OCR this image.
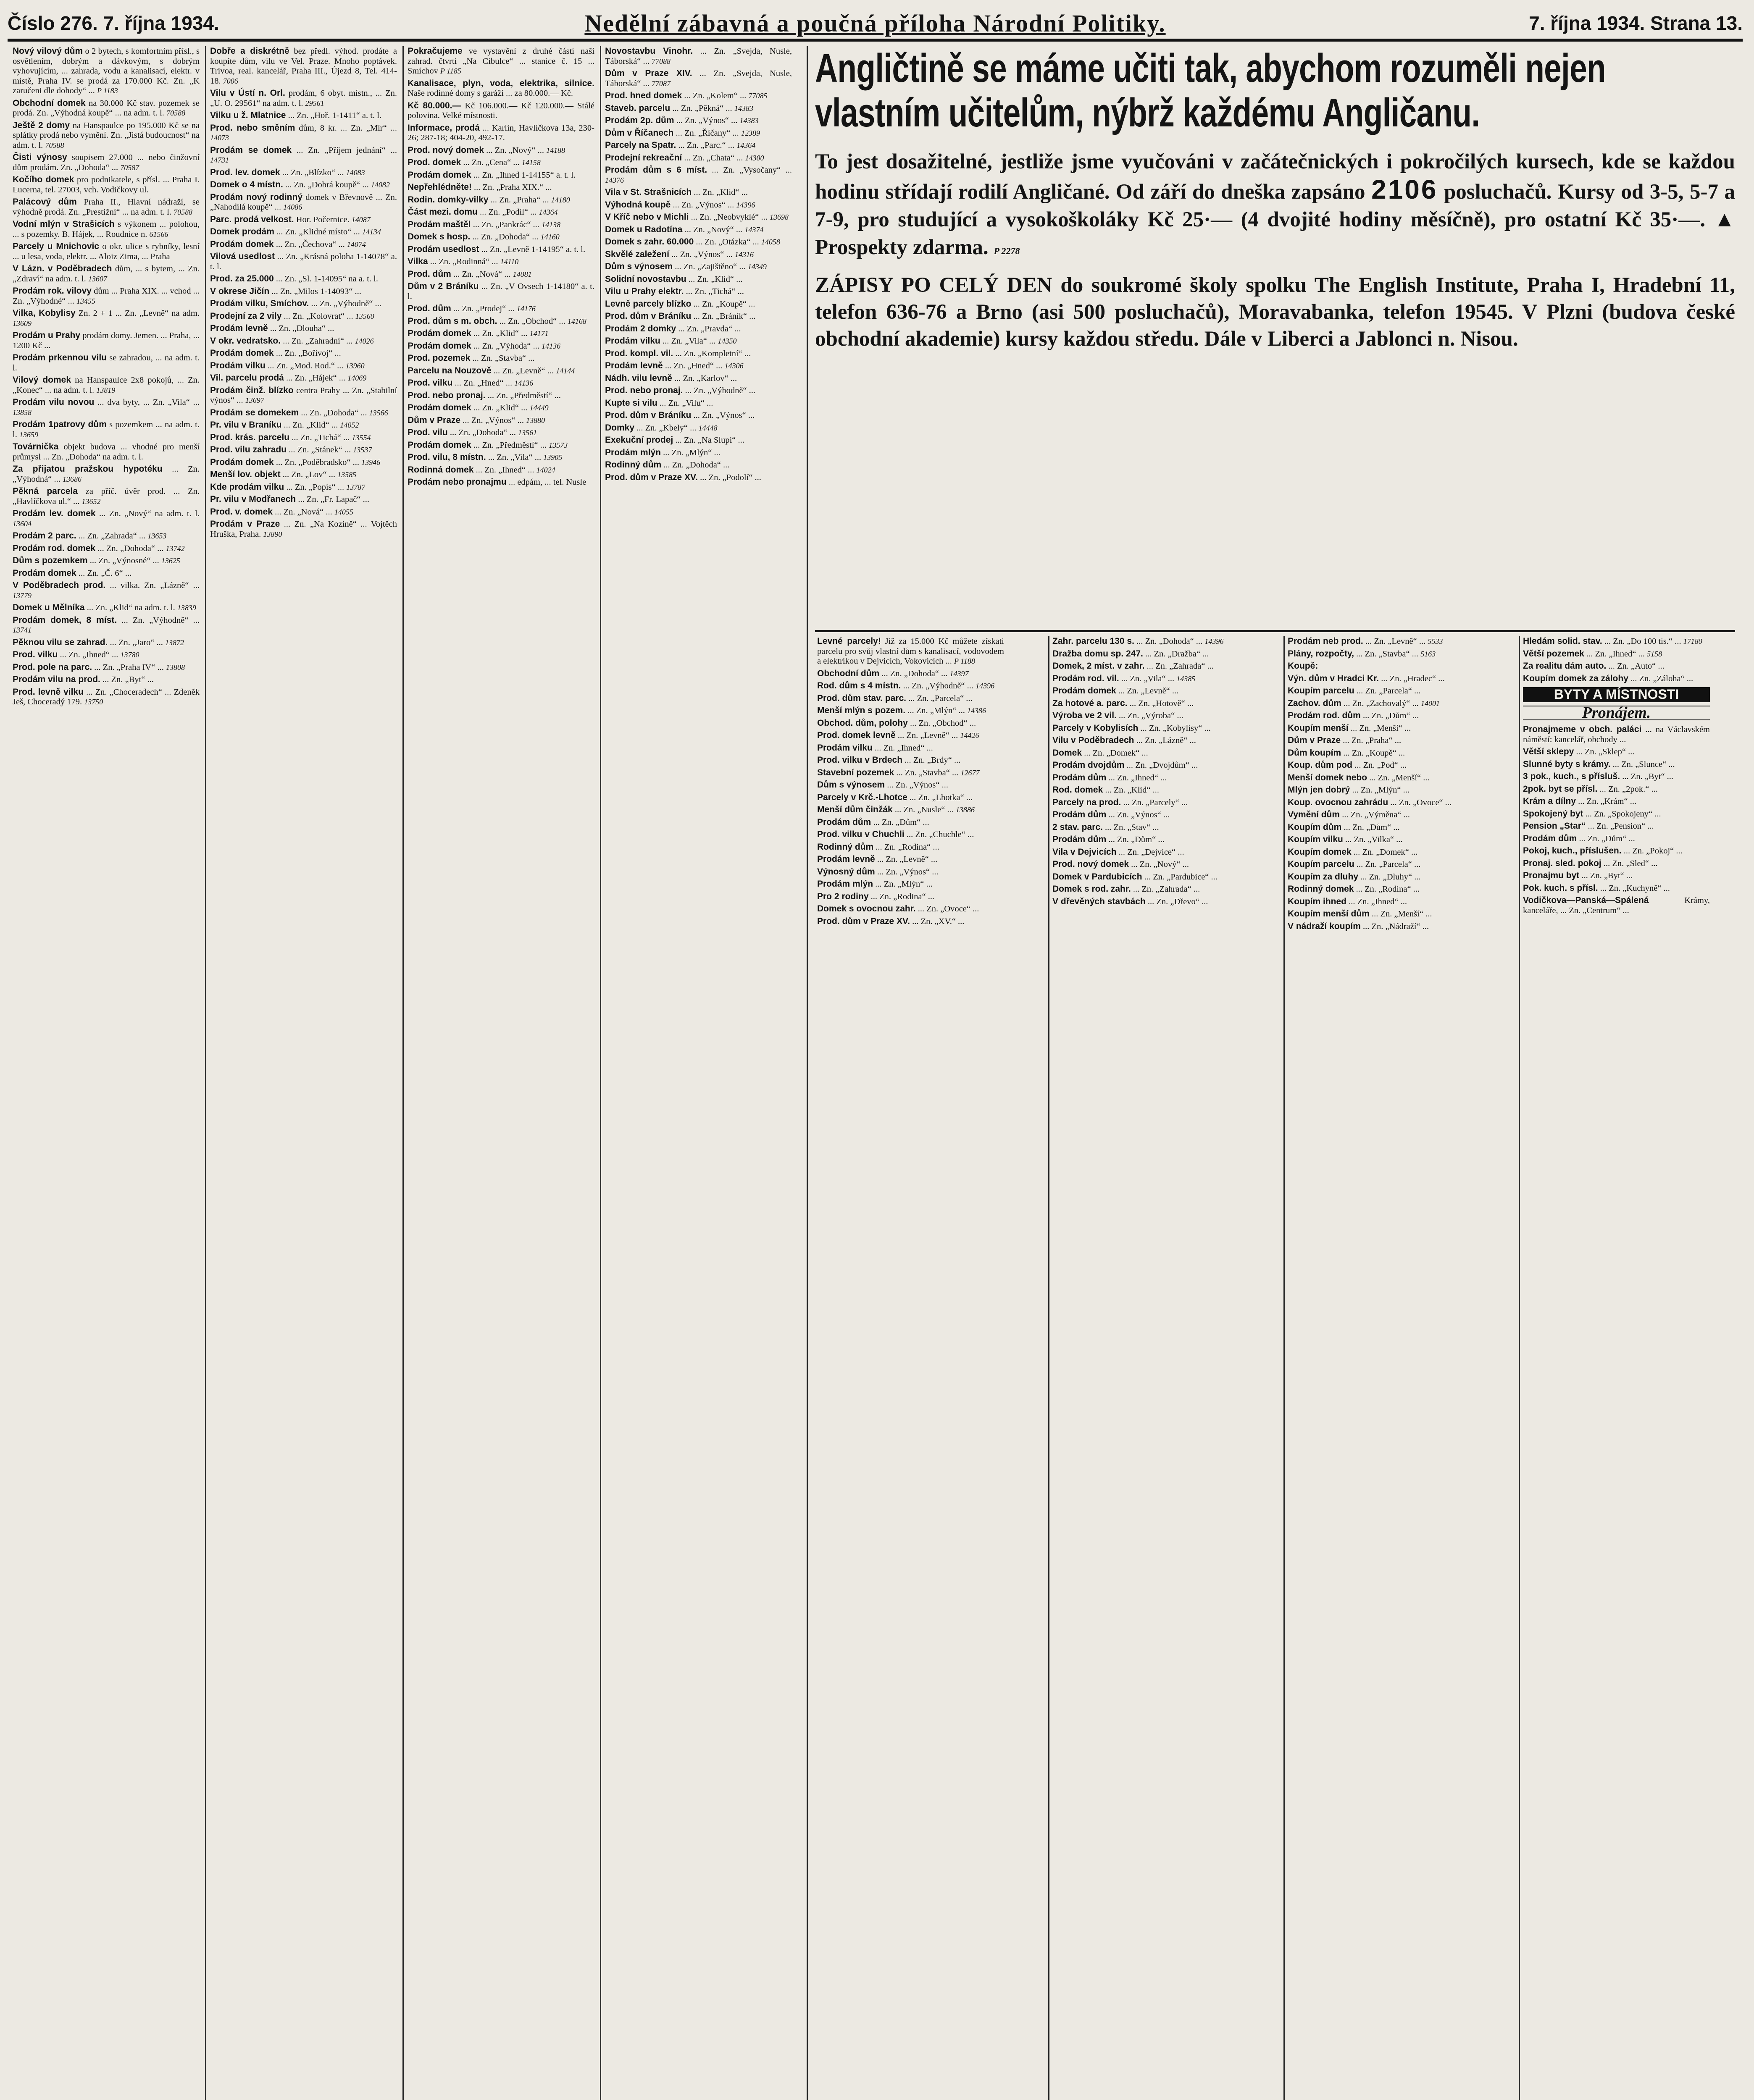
Číslo 276. 7. října 1934.	Nedělní zábavná a poučná příloha Národní Politiky.	7. října 1934. Strana 13.
Nový vilový dům o 2 bytech, s komfortním přísl., s osvětlením, dobrým a dávkovým, s dobrým vyhovujícím, ... zahrada, vodu a kanalisací, elektr. v místě, Praha IV. se prodá za 170.000 Kč. Zn. „K zaručeni dle dohody“ ... P 1183
Obchodní domek na 30.000 Kč stav. pozemek se prodá. Zn. „Výhodná koupě“ ... na adm. t. l. 70588
Ještě 2 domy na Hanspaulce po 195.000 Kč se na splátky prodá nebo vymění. Zn. „Jistá budoucnost“ na adm. t. l. 70588
Čisti výnosy soupisem 27.000 ... nebo činžovní dům prodám. Zn. „Dohoda“ ... 70587
Kočího domek pro podnikatele, s přísl. ... Praha I. Lucerna, tel. 27003, vch. Vodičkovy ul.
Palácový dům Praha II., Hlavní nádraží, se výhodně prodá. Zn. „Prestižní“ ... na adm. t. l. 70588
Vodní mlýn v Strašicích s výkonem ... polohou, ... s pozemky. B. Hájek, ... Roudnice n. 61566
Parcely u Mnichovic o okr. ulice s rybníky, lesní ... u lesa, voda, elektr. ... Aloiz Zima, ... Praha
V Lázn. v Poděbradech dům, ... s bytem, ... Zn. „Zdraví“ na adm. t. l. 13607
Prodám rok. vilovy dům ... Praha XIX. ... vchod ... Zn. „Výhodné“ ... 13455
Vilka, Kobylisy Zn. 2 + 1 ... Zn. „Levně“ na adm. 13609
Prodám u Prahy prodám domy. Jemen. ... Praha, ... 1200 Kč ...
Prodám prkennou vilu se zahradou, ... na adm. t. l.
Vilový domek na Hanspaulce 2x8 pokojů, ... Zn. „Konec“ ... na adm. t. l. 13819
Prodám vilu novou ... dva byty, ... Zn. „Vila“ ... 13858
Prodám 1patrovy dům s pozemkem ... na adm. t. l. 13659
Továrnička objekt budova ... vhodné pro menší průmysl ... Zn. „Dohoda“ na adm. t. l.
Za přijatou pražskou hypotéku ... Zn. „Výhodná“ ... 13686
Pěkná parcela za příč. úvěr prod. ... Zn. „Havlíčkova ul.“ ... 13652
Prodám lev. domek ... Zn. „Nový“ na adm. t. l. 13604
Prodám 2 parc. ... Zn. „Zahrada“ ... 13653
Prodám rod. domek ... Zn. „Dohoda“ ... 13742
Dům s pozemkem ... Zn. „Výnosné“ ... 13625
Prodám domek ... Zn. „Č. 6“ ...
V Poděbradech prod. ... vilka. Zn. „Lázně“ ... 13779
Domek u Mělníka ... Zn. „Klid“ na adm. t. l. 13839
Prodám domek, 8 míst. ... Zn. „Výhodně“ ... 13741
Pěknou vilu se zahrad. ... Zn. „Jaro“ ... 13872
Prod. vilku ... Zn. „Ihned“ ... 13780
Prod. pole na parc. ... Zn. „Praha IV“ ... 13808
Prodám vilu na prod. ... Zn. „Byt“ ...
Prod. levně vilku ... Zn. „Choceradech“ ... Zdeněk Ješ, Choceradý 179. 13750
Dobře a diskrétně bez předl. výhod. prodáte a koupíte dům, vilu ve Vel. Praze. Mnoho poptávek. Trivoa, real. kancelář, Praha III., Újezd 8, Tel. 414-18. 7006
Vilu v Ústí n. Orl. prodám, 6 obyt. místn., ... Zn. „U. O. 29561“ na adm. t. l. 29561
Vilku u ž. Mlatnice ... Zn. „Hoř. 1-1411“ a. t. l.
Prod. nebo směním dům, 8 kr. ... Zn. „Mír“ ... 14073
Prodám se domek ... Zn. „Příjem jednání“ ... 14731
Prod. lev. domek ... Zn. „Blízko“ ... 14083
Domek o 4 místn. ... Zn. „Dobrá koupě“ ... 14082
Prodám nový rodinný domek v Břevnově ... Zn. „Nahodilá koupě“ ... 14086
Parc. prodá velkost. Hor. Počernice. 14087
Domek prodám ... Zn. „Klidné místo“ ... 14134
Prodám domek ... Zn. „Čechova“ ... 14074
Vilová usedlost ... Zn. „Krásná poloha 1-14078“ a. t. l.
Prod. za 25.000 ... Zn. „Sl. 1-14095“ na a. t. l.
V okrese Jičín ... Zn. „Milos 1-14093“ ...
Prodám vilku, Smíchov. ... Zn. „Výhodně“ ...
Prodejní za 2 vily ... Zn. „Kolovrat“ ... 13560
Prodám levně ... Zn. „Dlouha“ ...
V okr. vedratsko. ... Zn. „Zahradní“ ... 14026
Prodám domek ... Zn. „Bořivoj“ ...
Prodám vilku ... Zn. „Mod. Rod.“ ... 13960
Vil. parcelu prodá ... Zn. „Hájek“ ... 14069
Prodám činž. blízko centra Prahy ... Zn. „Stabilní výnos“ ... 13697
Prodám se domekem ... Zn. „Dohoda“ ... 13566
Pr. vilu v Braníku ... Zn. „Klid“ ... 14052
Prod. krás. parcelu ... Zn. „Tichá“ ... 13554
Prod. vilu zahradu ... Zn. „Stánek“ ... 13537
Prodám domek ... Zn. „Poděbradsko“ ... 13946
Menší lov. objekt ... Zn. „Lov“ ... 13585
Kde prodám vilku ... Zn. „Popis“ ... 13787
Pr. vilu v Modřanech ... Zn. „Fr. Lapač“ ...
Prod. v. domek ... Zn. „Nová“ ... 14055
Prodám v Praze ... Zn. „Na Kozině“ ... Vojtěch Hruška, Praha. 13890
Pokračujeme ve vystavění z druhé části naší zahrad. čtvrti „Na Cibulce“ ... stanice č. 15 ... Smíchov P 1185
Kanalisace, plyn, voda, elektrika, silnice. Naše rodinné domy s garáží ... za 80.000.— Kč.
Kč 80.000.— Kč 106.000.— Kč 120.000.— Stálé polovina. Velké místnosti.
Informace, prodá ... Karlín, Havlíčkova 13a, 230-26; 287-18; 404-20, 492-17.
Prod. nový domek ... Zn. „Nový“ ... 14188
Prod. domek ... Zn. „Cena“ ... 14158
Prodám domek ... Zn. „Ihned 1-14155“ a. t. l.
Nepřehlédněte! ... Zn. „Praha XIX.“ ...
Rodin. domky-vilky ... Zn. „Praha“ ... 14180
Část mezi. domu ... Zn. „Podíl“ ... 14364
Prodám maštěl ... Zn. „Pankrác“ ... 14138
Domek s hosp. ... Zn. „Dohoda“ ... 14160
Prodám usedlost ... Zn. „Levně 1-14195“ a. t. l.
Vilka ... Zn. „Rodinná“ ... 14110
Prod. dům ... Zn. „Nová“ ... 14081
Dům v 2 Bráníku ... Zn. „V Ovsech 1-14180“ a. t. l.
Prod. dům ... Zn. „Prodej“ ... 14176
Prod. dům s m. obch. ... Zn. „Obchod“ ... 14168
Prodám domek ... Zn. „Klid“ ... 14171
Prodám domek ... Zn. „Výhoda“ ... 14136
Prod. pozemek ... Zn. „Stavba“ ...
Parcelu na Nouzově ... Zn. „Levně“ ... 14144
Prod. vilku ... Zn. „Hned“ ... 14136
Prod. nebo pronaj. ... Zn. „Předměstí“ ...
Prodám domek ... Zn. „Klid“ ... 14449
Dům v Praze ... Zn. „Výnos“ ... 13880
Prod. vilu ... Zn. „Dohoda“ ... 13561
Prodám domek ... Zn. „Předměstí“ ... 13573
Prod. vilu, 8 místn. ... Zn. „Vila“ ... 13905
Rodinná domek ... Zn. „Ihned“ ... 14024
Prodám nebo pronajmu ... edpám, ... tel. Nusle
Novostavbu Vinohr. ... Zn. „Svejda, Nusle, Táborská“ ... 77088
Dům v Praze XIV. ... Zn. „Svejda, Nusle, Táborská“ ... 77087
Prod. hned domek ... Zn. „Kolem“ ... 77085
Staveb. parcelu ... Zn. „Pěkná“ ... 14383
Prodám 2p. dům ... Zn. „Výnos“ ... 14383
Dům v Říčanech ... Zn. „Říčany“ ... 12389
Parcely na Spatr. ... Zn. „Parc.“ ... 14364
Prodejní rekreační ... Zn. „Chata“ ... 14300
Prodám dům s 6 míst. ... Zn. „Vysočany“ ... 14376
Vila v St. Strašnicích ... Zn. „Klid“ ...
Výhodná koupě ... Zn. „Výnos“ ... 14396
V Kříč nebo v Michli ... Zn. „Neobvyklé“ ... 13698
Domek u Radotína ... Zn. „Nový“ ... 14374
Domek s zahr. 60.000 ... Zn. „Otázka“ ... 14058
Skvělé zaležení ... Zn. „Výnos“ ... 14316
Dům s výnosem ... Zn. „Zajištěno“ ... 14349
Solidní novostavbu ... Zn. „Klid“ ...
Vilu u Prahy elektr. ... Zn. „Tichá“ ...
Levně parcely blízko ... Zn. „Koupě“ ...
Prod. dům v Bráníku ... Zn. „Bráník“ ...
Prodám 2 domky ... Zn. „Pravda“ ...
Prodám vilku ... Zn. „Vila“ ... 14350
Prod. kompl. vil. ... Zn. „Kompletní“ ...
Prodám levně ... Zn. „Hned“ ... 14306
Nádh. vilu levně ... Zn. „Karlov“ ...
Prod. nebo pronaj. ... Zn. „Výhodně“ ...
Kupte si vilu ... Zn. „Vilu“ ...
Prod. dům v Bráníku ... Zn. „Výnos“ ...
Domky ... Zn. „Kbely“ ... 14448
Exekuční prodej ... Zn. „Na Slupi“ ...
Prodám mlýn ... Zn. „Mlýn“ ...
Rodinný dům ... Zn. „Dohoda“ ...
Prod. dům v Praze XV. ... Zn. „Podolí“ ...
Angličtině se máme učiti tak, abychom rozuměli nejen vlastním učitelům, nýbrž každému Angličanu.
To jest dosažitelné, jestliže jsme vyučováni v začátečnických i pokročilých kursech, kde se každou hodinu střídají rodilí Angličané. Od září do dneška zapsáno 2106 posluchačů. Kursy od 3-5, 5-7 a 7-9, pro studující a vysokoškoláky Kč 25·— (4 dvojité hodiny měsíčně), pro ostatní Kč 35·—. ▲ Prospekty zdarma. P 2278
ZÁPISY PO CELÝ DEN do soukromé školy spolku The English Institute, Praha I, Hradební 11, telefon 636-76 a Brno (asi 500 posluchačů), Moravabanka, telefon 19545. V Plzni (budova české obchodní akademie) kursy každou středu. Dále v Liberci a Jablonci n. Nisou.
Levné parcely! Již za 15.000 Kč můžete získati parcelu pro svůj vlastní dům s kanalisací, vodovodem a elektrikou v Dejvicích, Vokovicích ... P 1188
Obchodní dům ... Zn. „Dohoda“ ... 14397
Rod. dům s 4 místn. ... Zn. „Výhodně“ ... 14396
Prod. dům stav. parc. ... Zn. „Parcela“ ...
Menší mlýn s pozem. ... Zn. „Mlýn“ ... 14386
Obchod. dům, polohy ... Zn. „Obchod“ ...
Prod. domek levně ... Zn. „Levně“ ... 14426
Prodám vilku ... Zn. „Ihned“ ...
Prod. vilku v Brdech ... Zn. „Brdy“ ...
Stavební pozemek ... Zn. „Stavba“ ... 12677
Dům s výnosem ... Zn. „Výnos“ ...
Parcely v Krč.-Lhotce ... Zn. „Lhotka“ ...
Menší dům činžák ... Zn. „Nusle“ ... 13886
Prodám dům ... Zn. „Dům“ ...
Prod. vilku v Chuchli ... Zn. „Chuchle“ ...
Rodinný dům ... Zn. „Rodina“ ...
Prodám levně ... Zn. „Levně“ ...
Výnosný dům ... Zn. „Výnos“ ...
Prodám mlýn ... Zn. „Mlýn“ ...
Pro 2 rodiny ... Zn. „Rodina“ ...
Domek s ovocnou zahr. ... Zn. „Ovoce“ ...
Prod. dům v Praze XV. ... Zn. „XV.“ ...
Zahr. parcelu 130 s. ... Zn. „Dohoda“ ... 14396
Dražba domu sp. 247. ... Zn. „Dražba“ ...
Domek, 2 míst. v zahr. ... Zn. „Zahrada“ ...
Prodám rod. vil. ... Zn. „Vila“ ... 14385
Prodám domek ... Zn. „Levně“ ...
Za hotové a. parc. ... Zn. „Hotově“ ...
Výroba ve 2 vil. ... Zn. „Výroba“ ...
Parcely v Kobylisích ... Zn. „Kobylisy“ ...
Vilu v Poděbradech ... Zn. „Lázně“ ...
Domek ... Zn. „Domek“ ...
Prodám dvojdům ... Zn. „Dvojdům“ ...
Prodám dům ... Zn. „Ihned“ ...
Rod. domek ... Zn. „Klid“ ...
Parcely na prod. ... Zn. „Parcely“ ...
Prodám dům ... Zn. „Výnos“ ...
2 stav. parc. ... Zn. „Stav“ ...
Prodám dům ... Zn. „Dům“ ...
Vila v Dejvicích ... Zn. „Dejvice“ ...
Prod. nový domek ... Zn. „Nový“ ...
Domek v Pardubicích ... Zn. „Pardubice“ ...
Domek s rod. zahr. ... Zn. „Zahrada“ ...
V dřevěných stavbách ... Zn. „Dřevo“ ...
Prodám neb prod. ... Zn. „Levně“ ... 5533
Plány, rozpočty, ... Zn. „Stavba“ ... 5163
Koupě:
Výn. dům v Hradci Kr. ... Zn. „Hradec“ ...
Koupím parcelu ... Zn. „Parcela“ ...
Zachov. dům ... Zn. „Zachovalý“ ... 14001
Prodám rod. dům ... Zn. „Dům“ ...
Koupím menší ... Zn. „Menší“ ...
Dům v Praze ... Zn. „Praha“ ...
Dům koupím ... Zn. „Koupě“ ...
Koup. dům pod ... Zn. „Pod“ ...
Menší domek nebo ... Zn. „Menší“ ...
Mlýn jen dobrý ... Zn. „Mlýn“ ...
Koup. ovocnou zahrádu ... Zn. „Ovoce“ ...
Vymění dům ... Zn. „Výměna“ ...
Koupím dům ... Zn. „Dům“ ...
Koupím vilku ... Zn. „Vilka“ ...
Koupím domek ... Zn. „Domek“ ...
Koupím parcelu ... Zn. „Parcela“ ...
Koupím za dluhy ... Zn. „Dluhy“ ...
Rodinný domek ... Zn. „Rodina“ ...
Koupím ihned ... Zn. „Ihned“ ...
Koupím menší dům ... Zn. „Menší“ ...
V nádraží koupím ... Zn. „Nádraží“ ...
Hledám solid. stav. ... Zn. „Do 100 tis.“ ... 17180
Větší pozemek ... Zn. „Ihned“ ... 5158
Za realitu dám auto. ... Zn. „Auto“ ...
Koupím domek za zálohy ... Zn. „Záloha“ ...
BYTY A MÍSTNOSTI
Pronájem.
Pronajmeme v obch. paláci ... na Václavském náměstí: kancelář, obchody ...
Větší sklepy ... Zn. „Sklep“ ...
Slunné byty s krámy. ... Zn. „Slunce“ ...
3 pok., kuch., s přísluš. ... Zn. „Byt“ ...
2pok. byt se přísl. ... Zn. „2pok.“ ...
Krám a dílny ... Zn. „Krám“ ...
Spokojený byt ... Zn. „Spokojeny“ ...
Pension „Star“ ... Zn. „Pension“ ...
Prodám dům ... Zn. „Dům“ ...
Pokoj, kuch., příslušen. ... Zn. „Pokoj“ ...
Pronaj. sled. pokoj ... Zn. „Sled“ ...
Pronajmu byt ... Zn. „Byt“ ...
Pok. kuch. s přísl. ... Zn. „Kuchyně“ ...
Vodičkova—Panská—Spálená	Krámy, kanceláře, ... Zn. „Centrum“ ...
